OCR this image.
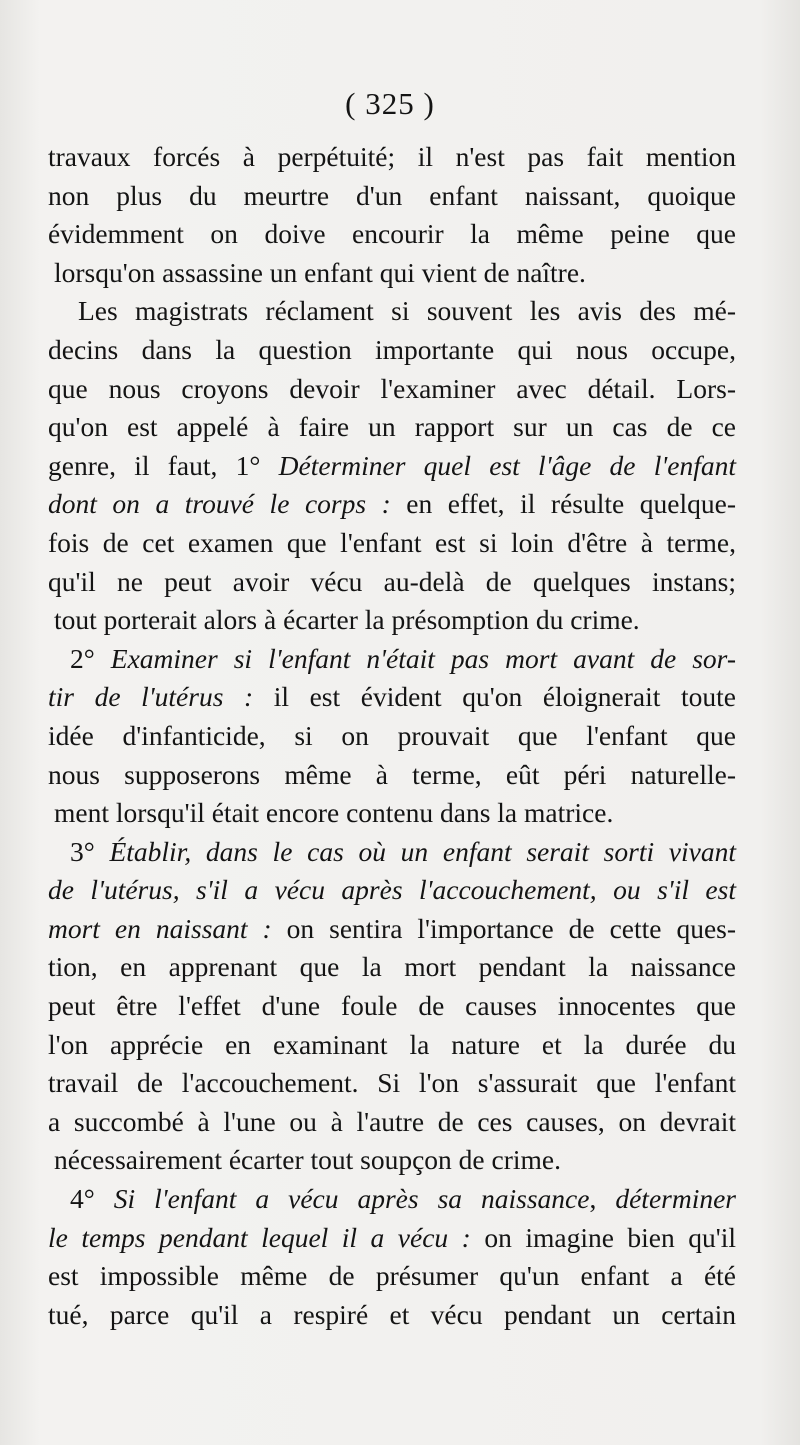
( 325 )
travaux forcés à perpétuité; il n'est pas fait mention
non plus du meurtre d'un enfant naissant, quoique
évidemment on doive encourir la même peine que
lorsqu'on assassine un enfant qui vient de naître.
Les magistrats réclament si souvent les avis des mé-
decins dans la question importante qui nous occupe,
que nous croyons devoir l'examiner avec détail. Lors-
qu'on est appelé à faire un rapport sur un cas de ce
genre, il faut, 1° Déterminer quel est l'âge de l'enfant
dont on a trouvé le corps : en effet, il résulte quelque-
fois de cet examen que l'enfant est si loin d'être à terme,
qu'il ne peut avoir vécu au-delà de quelques instans;
tout porterait alors à écarter la présomption du crime.
2° Examiner si l'enfant n'était pas mort avant de sor-
tir de l'utérus : il est évident qu'on éloignerait toute
idée d'infanticide, si on prouvait que l'enfant que
nous supposerons même à terme, eût péri naturelle-
ment lorsqu'il était encore contenu dans la matrice.
3° Établir, dans le cas où un enfant serait sorti vivant
de l'utérus, s'il a vécu après l'accouchement, ou s'il est
mort en naissant : on sentira l'importance de cette ques-
tion, en apprenant que la mort pendant la naissance
peut être l'effet d'une foule de causes innocentes que
l'on apprécie en examinant la nature et la durée du
travail de l'accouchement. Si l'on s'assurait que l'enfant
a succombé à l'une ou à l'autre de ces causes, on devrait
nécessairement écarter tout soupçon de crime.
4° Si l'enfant a vécu après sa naissance, déterminer
le temps pendant lequel il a vécu : on imagine bien qu'il
est impossible même de présumer qu'un enfant a été
tué, parce qu'il a respiré et vécu pendant un certain
